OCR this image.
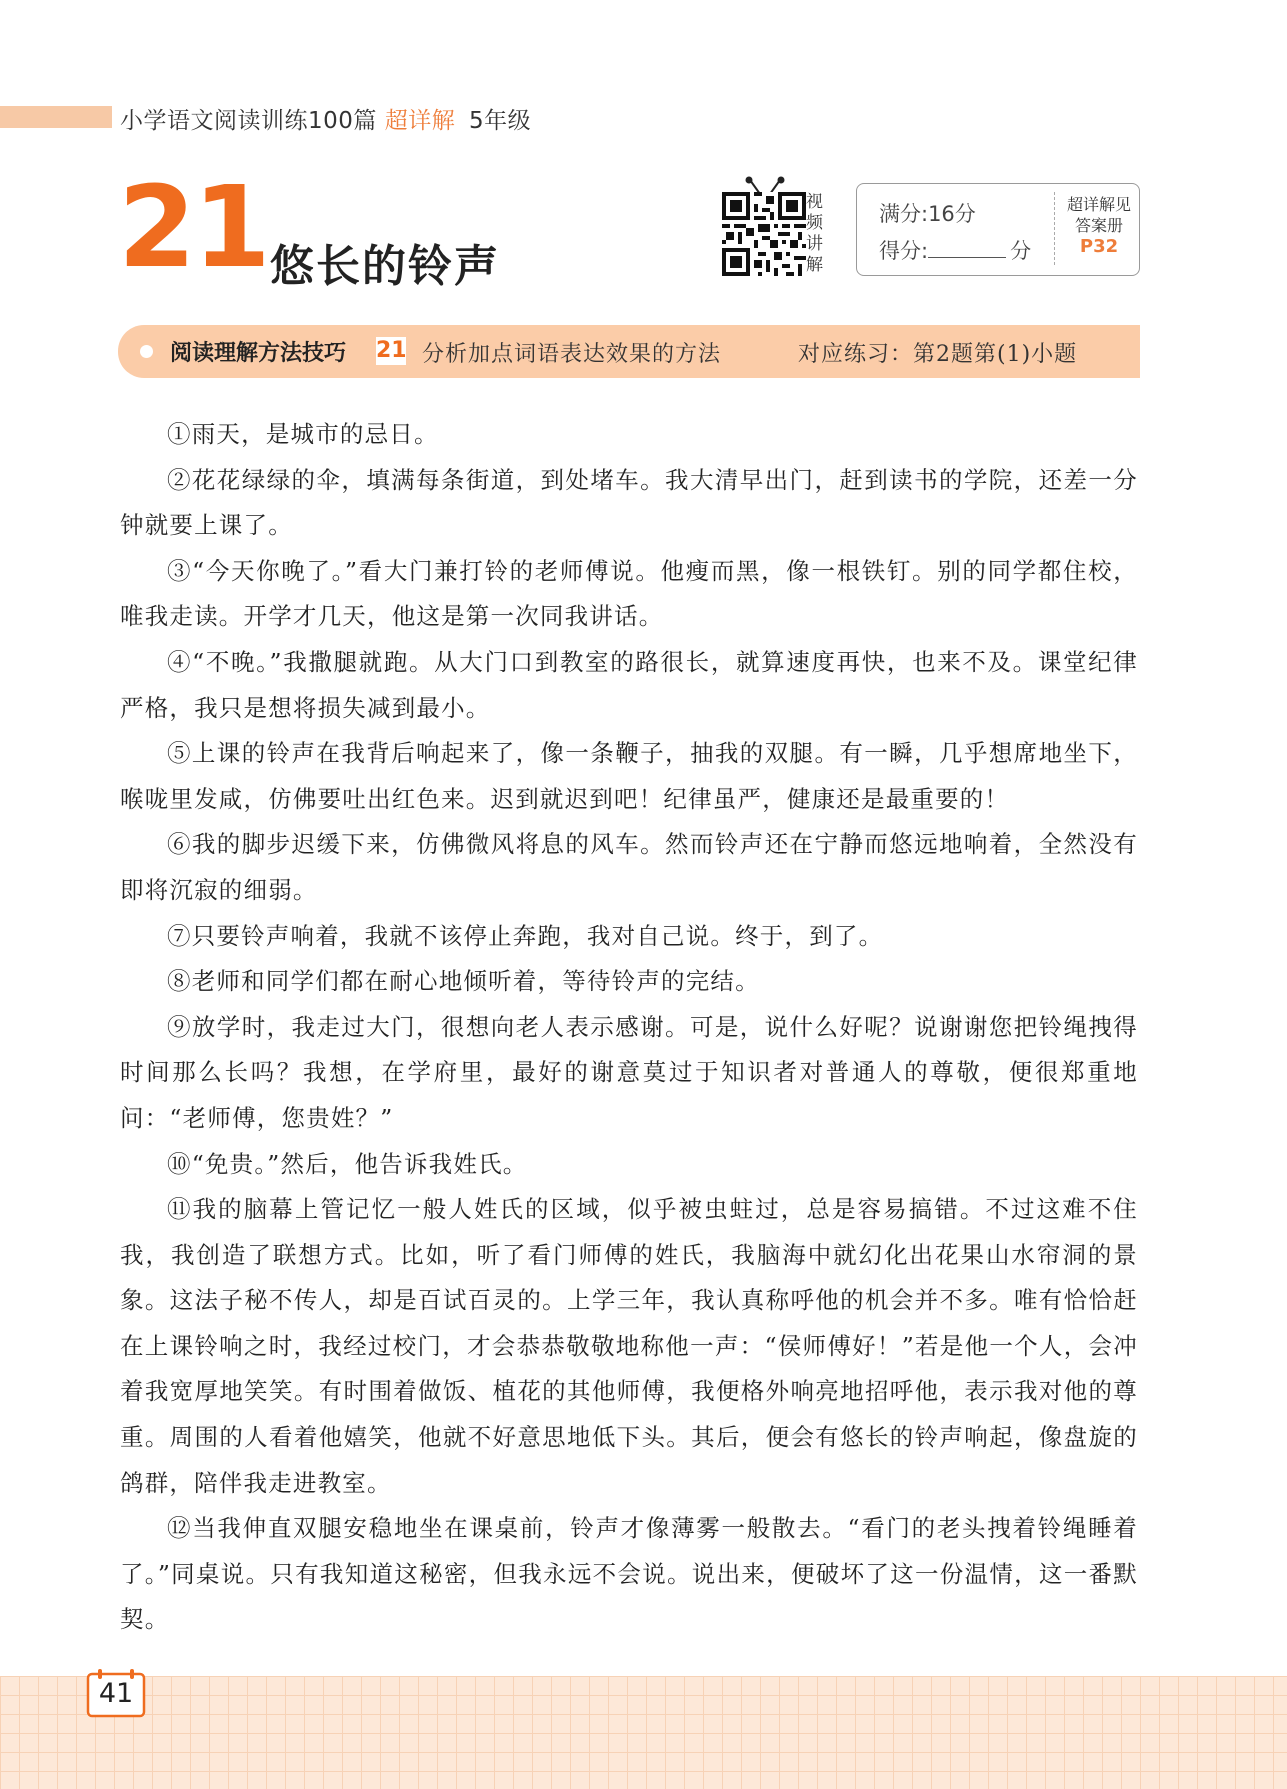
小学语文阅读训练100篇 超详解 5年级
21 悠长的铃声
视
频
讲
解
满分:16分
得分:	分
超详解见
答案册
P32
阅读理解方法技巧 21 分析加点词语表达效果的方法	对应练习：第2题第(1)小题

①雨天，是城市的忌日。

②花花绿绿的伞，填满每条街道，到处堵车。我大清早出门，赶到读书的学院，还差一分钟就要上课了。

③“今天你晚了。”看大门兼打铃的老师傅说。他瘦而黑，像一根铁钉。别的同学都住校，唯我走读。开学才几天，他这是第一次同我讲话。

④“不晚。”我撒腿就跑。从大门口到教室的路很长，就算速度再快，也来不及。课堂纪律严格，我只是想将损失减到最小。

⑤上课的铃声在我背后响起来了，像一条鞭子，抽我的双腿。有一瞬，几乎想席地坐下，喉咙里发咸，仿佛要吐出红色来。迟到就迟到吧！纪律虽严，健康还是最重要的！

⑥我的脚步迟缓下来，仿佛微风将息的风车。然而铃声还在宁静而悠远地响着，全然没有即将沉寂的细弱。

⑦只要铃声响着，我就不该停止奔跑，我对自己说。终于，到了。

⑧老师和同学们都在耐心地倾听着，等待铃声的完结。

⑨放学时，我走过大门，很想向老人表示感谢。可是，说什么好呢？说谢谢您把铃绳拽得时间那么长吗？我想，在学府里，最好的谢意莫过于知识者对普通人的尊敬，便很郑重地问：“老师傅，您贵姓？”

⑩“免贵。”然后，他告诉我姓氏。

⑪我的脑幕上管记忆一般人姓氏的区域，似乎被虫蛀过，总是容易搞错。不过这难不住我，我创造了联想方式。比如，听了看门师傅的姓氏，我脑海中就幻化出花果山水帘洞的景象。这法子秘不传人，却是百试百灵的。上学三年，我认真称呼他的机会并不多。唯有恰恰赶在上课铃响之时，我经过校门，才会恭恭敬敬地称他一声：“侯师傅好！”若是他一个人，会冲着我宽厚地笑笑。有时围着做饭、植花的其他师傅，我便格外响亮地招呼他，表示我对他的尊重。周围的人看着他嬉笑，他就不好意思地低下头。其后，便会有悠长的铃声响起，像盘旋的鸽群，陪伴我走进教室。

⑫当我伸直双腿安稳地坐在课桌前，铃声才像薄雾一般散去。“看门的老头拽着铃绳睡着了。”同桌说。只有我知道这秘密，但我永远不会说。说出来，便破坏了这一份温情，这一番默契。

41
